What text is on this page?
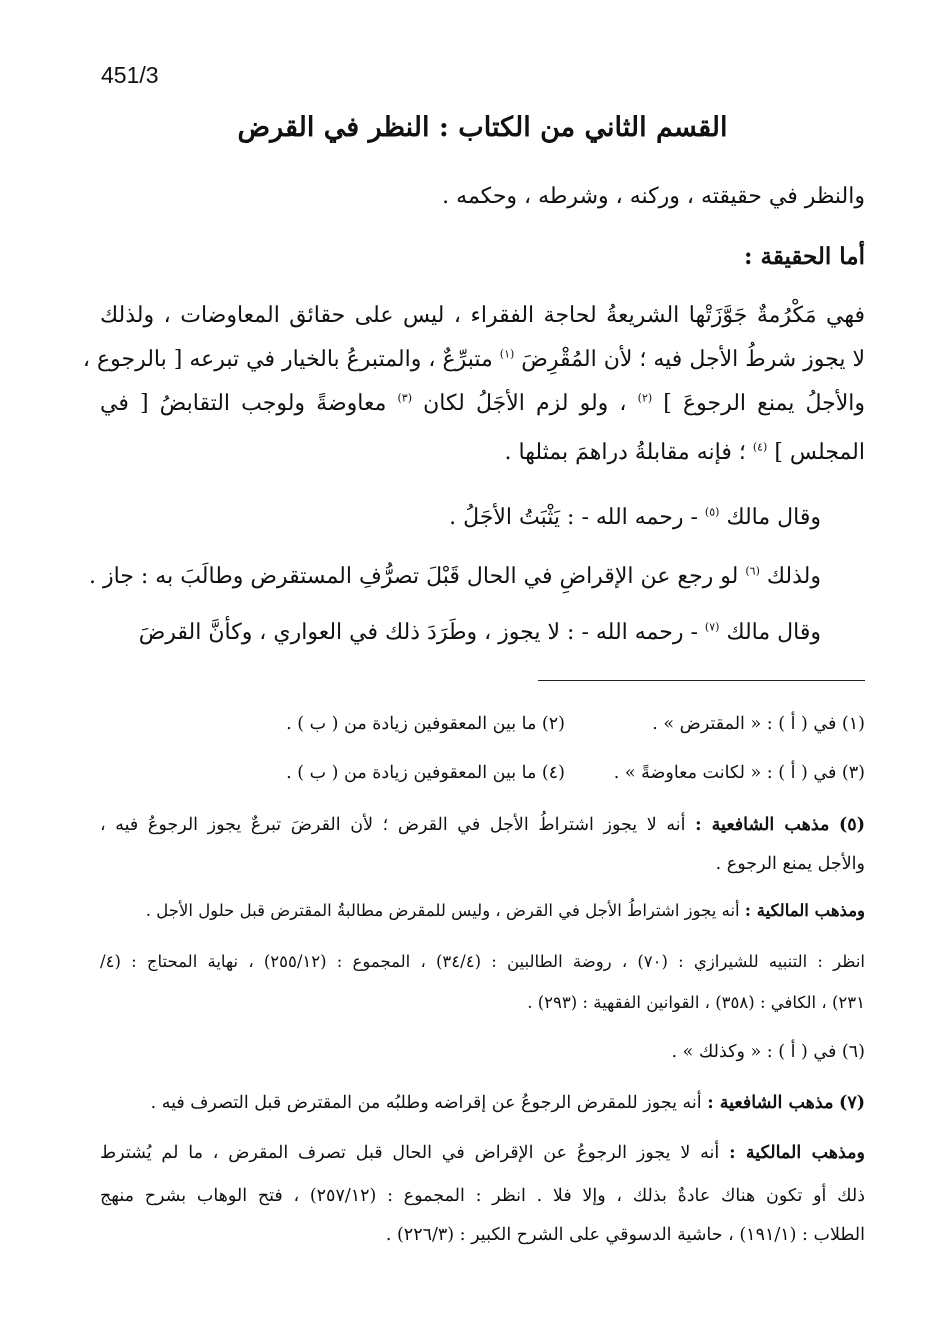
451/3
القسم الثاني من الكتاب : النظر في القرض
والنظر في حقيقته ، وركنه ، وشرطه ، وحكمه .
أما الحقيقة :
فهي مَكْرُمةٌ جَوَّزَتْها الشريعةُ لحاجة الفقراء ، ليس على حقائق المعاوضات ، ولذلك
لا يجوز شرطُ الأجل فيه ؛ لأن المُقْرِضَ $^{(١)}$ متبرِّعٌ ، والمتبرعُ بالخيار في تبرعه [ بالرجوع ،
والأجلُ يمنع الرجوعَ ] $^{(٢)}$ ، ولو لزم الأجَلُ لكان $^{(٣)}$ معاوضةً ولوجب التقابضُ [ في
المجلس ] $^{(٤)}$ ؛ فإنه مقابلةُ دراهمَ بمثلها .
وقال مالك $^{(٥)}$ - رحمه الله - : يَثْبَتُ الأجَلُ .
ولذلك $^{(٦)}$ لو رجع عن الإقراضِ في الحال قَبْلَ تصرُّفِ المستقرض وطالَبَ به : جاز .
وقال مالك $^{(٧)}$ - رحمه الله - : لا يجوز ، وطَرَدَ ذلك في العواري ، وكأنَّ القرضَ
(١) في ( أ ) : « المقترض » .
(٢) ما بين المعقوفين زيادة من ( ب ) .
(٣) في ( أ ) : « لكانت معاوضةً » .
(٤) ما بين المعقوفين زيادة من ( ب ) .
(٥) مذهب الشافعية : أنه لا يجوز اشتراطُ الأجل في القرض ؛ لأن القرضَ تبرعٌ يجوز الرجوعُ فيه ،
والأجل يمنع الرجوع .
ومذهب المالكية : أنه يجوز اشتراطُ الأجل في القرض ، وليس للمقرض مطالبةُ المقترض قبل حلول الأجل .
انظر : التنبيه للشيرازي : (٧٠) ، روضة الطالبين : (٣٤/٤) ، المجموع : (٢٥٥/١٢) ، نهاية المحتاج : (٤/
٢٣١) ، الكافي : (٣٥٨) ، القوانين الفقهية : (٢٩٣) .
(٦) في ( أ ) : « وكذلك » .
(٧) مذهب الشافعية : أنه يجوز للمقرض الرجوعُ عن إقراضه وطلبُه من المقترض قبل التصرف فيه .
ومذهب المالكية : أنه لا يجوز الرجوعُ عن الإقراض في الحال قبل تصرف المقرض ، ما لم يُشترط
ذلك أو تكون هناك عادةٌ بذلك ، وإلا فلا . انظر : المجموع : (٢٥٧/١٢) ، فتح الوهاب بشرح منهج
الطلاب : (١٩١/١) ، حاشية الدسوقي على الشرح الكبير : (٢٢٦/٣) .
